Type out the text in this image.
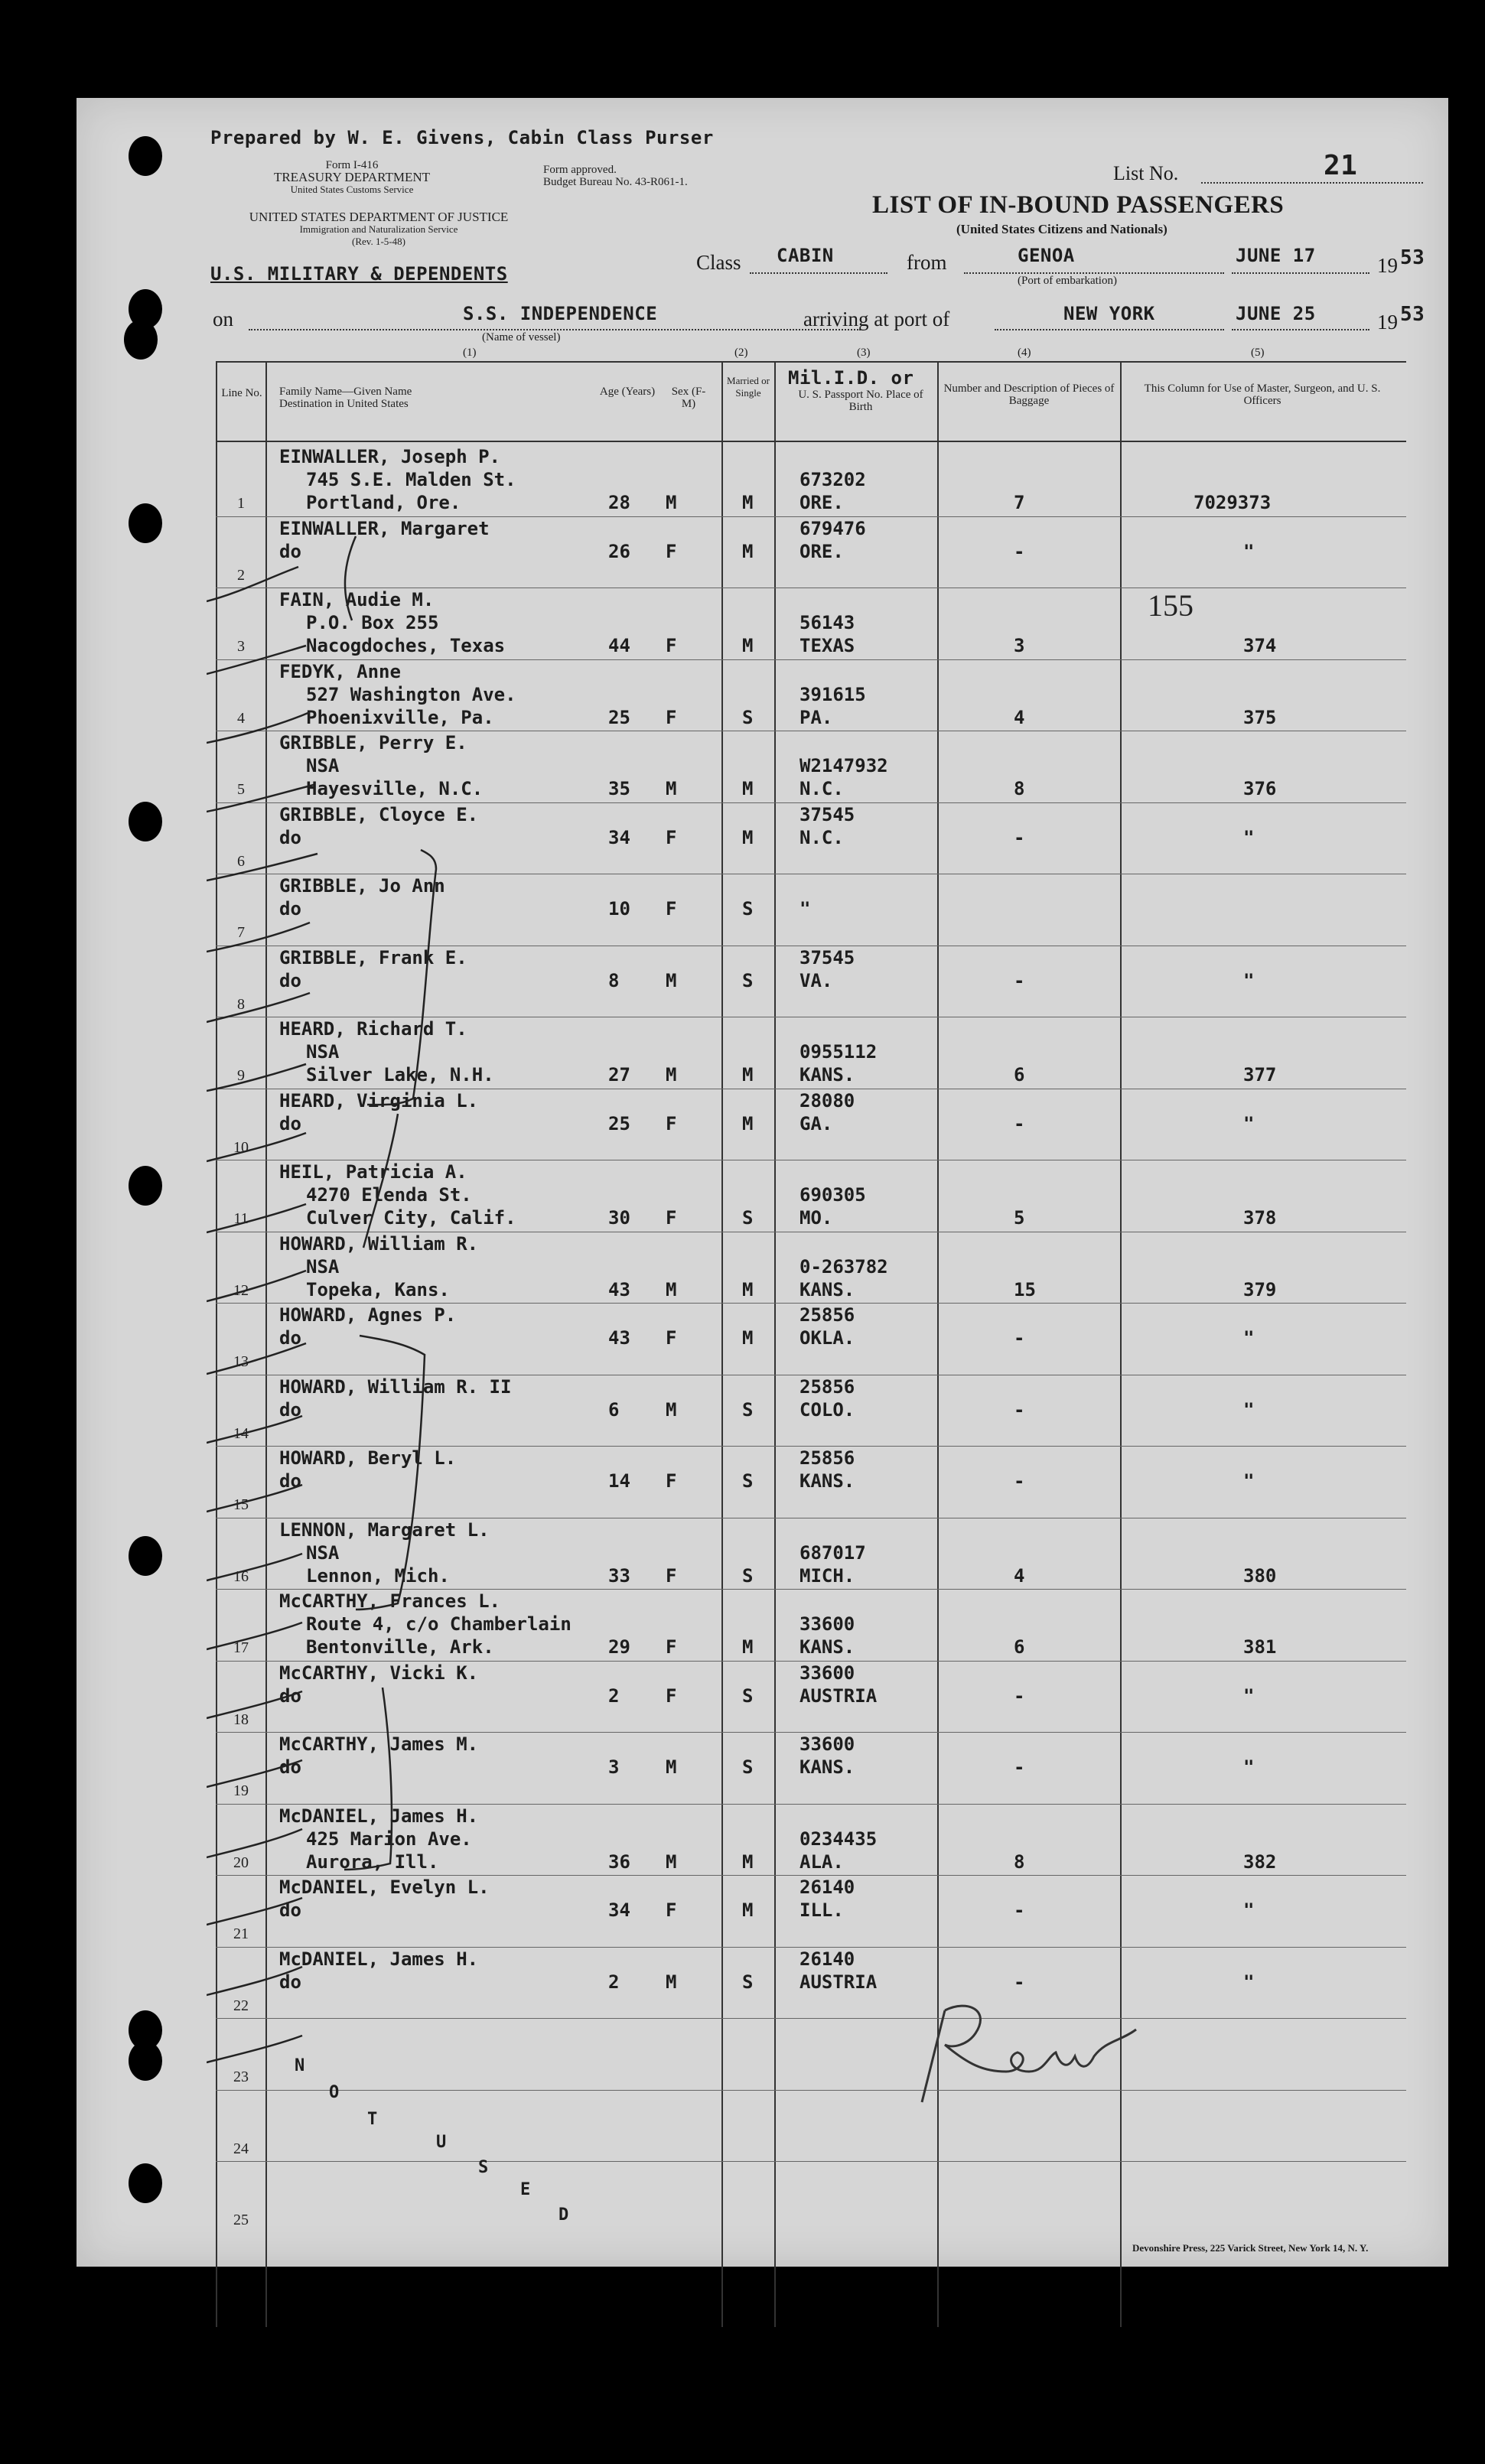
Prepared by W. E. Givens, Cabin Class Purser
Form I-416
TREASURY DEPARTMENT
United States Customs Service
Form approved.
Budget Bureau No. 43-R061-1.
UNITED STATES DEPARTMENT OF JUSTICE
Immigration and Naturalization Service
(Rev. 1-5-48)
List No.	21
LIST OF IN-BOUND PASSENGERS
(United States Citizens and Nationals)
U.S. MILITARY & DEPENDENTS	Class CABIN	from	GENOA
(Port of embarkation)
JUNE 17	19 53
on	S.S. INDEPENDENCE
(Name of vessel)
arriving at port of	NEW YORK	JUNE 25	19 53
(1)	(2)	(3)	(4)	(5)
Line No. Family Name—Given Name
Destination in United States
Age (Years)	Sex (F-M)
Married or Single
Mil.I.D. or
U. S. Passport No. Place of Birth
Number and Description of Pieces of Baggage
This Column for Use of Master, Surgeon, and U. S. Officers
1
EINWALLER, Joseph P.
745 S.E. Malden St.
Portland, Ore.	28 M	M
673202
ORE.	7	7029373
2
EINWALLER, Margaret
do	26 F	M
679476
ORE.	-	"
3
FAIN, Audie M.
P.O. Box 255
Nacogdoches, Texas	44 F	M
56143
TEXAS	3	374
4
FEDYK, Anne
527 Washington Ave.
Phoenixville, Pa.	25 F	S
391615
PA.	4	375
5
GRIBBLE, Perry E.
NSA
Hayesville, N.C.	35 M	M
W2147932
N.C.	8	376
6
GRIBBLE, Cloyce E.
do	34 F	M
37545
N.C.	-	"
7
GRIBBLE, Jo Ann
do	10 F	S	"
8
GRIBBLE, Frank E.
do	8	M	S
37545
VA.	-	"
9
HEARD, Richard T.
NSA
Silver Lake, N.H.	27 M	M
0955112
KANS.	6	377
10
HEARD, Virginia L.
do	25 F	M
28080
GA.	-	"
11
HEIL, Patricia A.
4270 Elenda St.
Culver City, Calif.	30 F	S
690305
MO.	5	378
12
HOWARD, William R.
NSA
Topeka, Kans.	43 M	M
0-263782
KANS.	15	379
13
HOWARD, Agnes P.
do	43 F	M
25856
OKLA.	-	"
14
HOWARD, William R. II
do	6	M	S
25856
COLO.	-	"
15
HOWARD, Beryl L.
do	14 F	S
25856
KANS.	-	"
16
LENNON, Margaret L.
NSA
Lennon, Mich.	33 F	S
687017
MICH.	4	380
17
McCARTHY, Frances L.
Route 4, c/o Chamberlain
Bentonville, Ark.	29 F	M
33600
KANS.	6	381
18
McCARTHY, Vicki K.
do	2	F	S
33600
AUSTRIA	-	"
19
McCARTHY, James M.
do	3	M	S
33600
KANS.	-	"
20
McDANIEL, James H.
425 Marion Ave.
Aurora, Ill.	36 M	M
0234435
ALA.	8	382
21
McDANIEL, Evelyn L.
do	34 F	M
26140
ILL.	-	"
22
McDANIEL, James H.
do	2	M	S
26140
AUSTRIA	-	"
23
24
25
155
N
O
T
U
S
E
D
Rews
Devonshire Press, 225 Varick Street, New York 14, N. Y.
